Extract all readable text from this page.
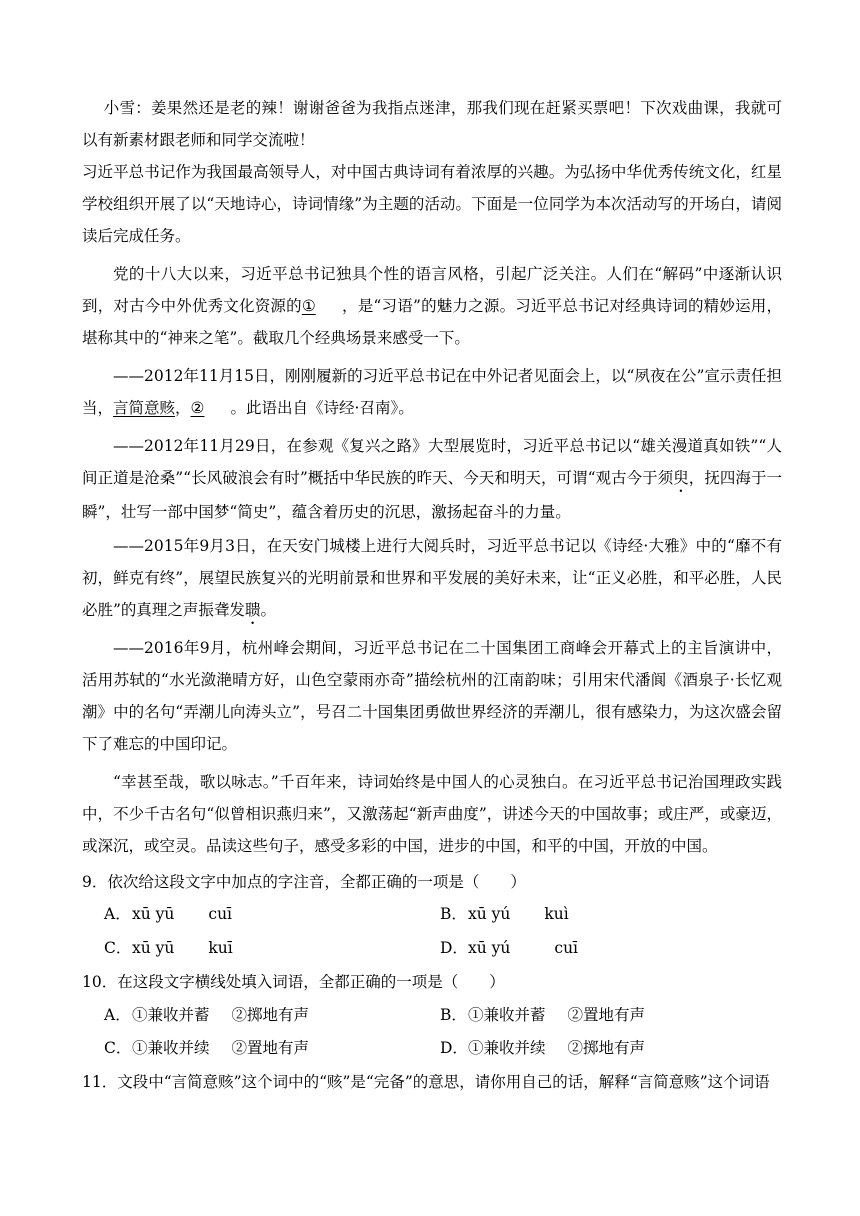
小雪：姜果然还是老的辣！谢谢爸爸为我指点迷津，那我们现在赶紧买票吧！下次戏曲课，我就可以有新素材跟老师和同学交流啦！
习近平总书记作为我国最高领导人，对中国古典诗词有着浓厚的兴趣。为弘扬中华优秀传统文化，红星学校组织开展了以“天地诗心，诗词情缘”为主题的活动。下面是一位同学为本次活动写的开场白，请阅读后完成任务。
党的十八大以来，习近平总书记独具个性的语言风格，引起广泛关注。人们在“解码”中逐渐认识到，对古今中外优秀文化资源的① ，是“习语”的魅力之源。习近平总书记对经典诗词的精妙运用，堪称其中的“神来之笔”。截取几个经典场景来感受一下。
——2012年11月15日，刚刚履新的习近平总书记在中外记者见面会上，以“夙夜在公”宣示责任担当，言简意赅，② 。此语出自《诗经·召南》。
——2012年11月29日，在参观《复兴之路》大型展览时，习近平总书记以“雄关漫道真如铁”“人间正道是沧桑”“长风破浪会有时”概括中华民族的昨天、今天和明天，可谓“观古今于须臾，抚四海于一瞬”，壮写一部中国梦“简史”，蕴含着历史的沉思，激扬起奋斗的力量。
——2015年9月3日，在天安门城楼上进行大阅兵时，习近平总书记以《诗经·大雅》中的“靡不有初，鲜克有终”，展望民族复兴的光明前景和世界和平发展的美好未来，让“正义必胜，和平必胜，人民必胜”的真理之声振聋发聩。
——2016年9月，杭州峰会期间，习近平总书记在二十国集团工商峰会开幕式上的主旨演讲中，活用苏轼的“水光潋滟晴方好，山色空蒙雨亦奇”描绘杭州的江南韵味；引用宋代潘阆《酒泉子·长忆观潮》中的名句“弄潮儿向涛头立”，号召二十国集团勇做世界经济的弄潮儿，很有感染力，为这次盛会留下了难忘的中国印记。
“幸甚至哉，歌以咏志。”千百年来，诗词始终是中国人的心灵独白。在习近平总书记治国理政实践中，不少千古名句“似曾相识燕归来”，又激荡起“新声曲度”，讲述今天的中国故事；或庄严，或豪迈，或深沉，或空灵。品读这些句子，感受多彩的中国，进步的中国，和平的中国，开放的中国。
9．依次给这段文字中加点的字注音，全都正确的一项是（　　）
A．xū yū cuī	B．xū yú kuì
C．xū yū kuī	D．xū yú	cuī
10．在这段文字横线处填入词语，全都正确的一项是（　　）
A．①兼收并蓄 ②掷地有声	B．①兼收并蓄 ②置地有声
C．①兼收并续 ②置地有声	D．①兼收并续 ②掷地有声
11．文段中“言简意赅”这个词中的“赅”是“完备”的意思，请你用自己的话，解释“言简意赅”这个词语
